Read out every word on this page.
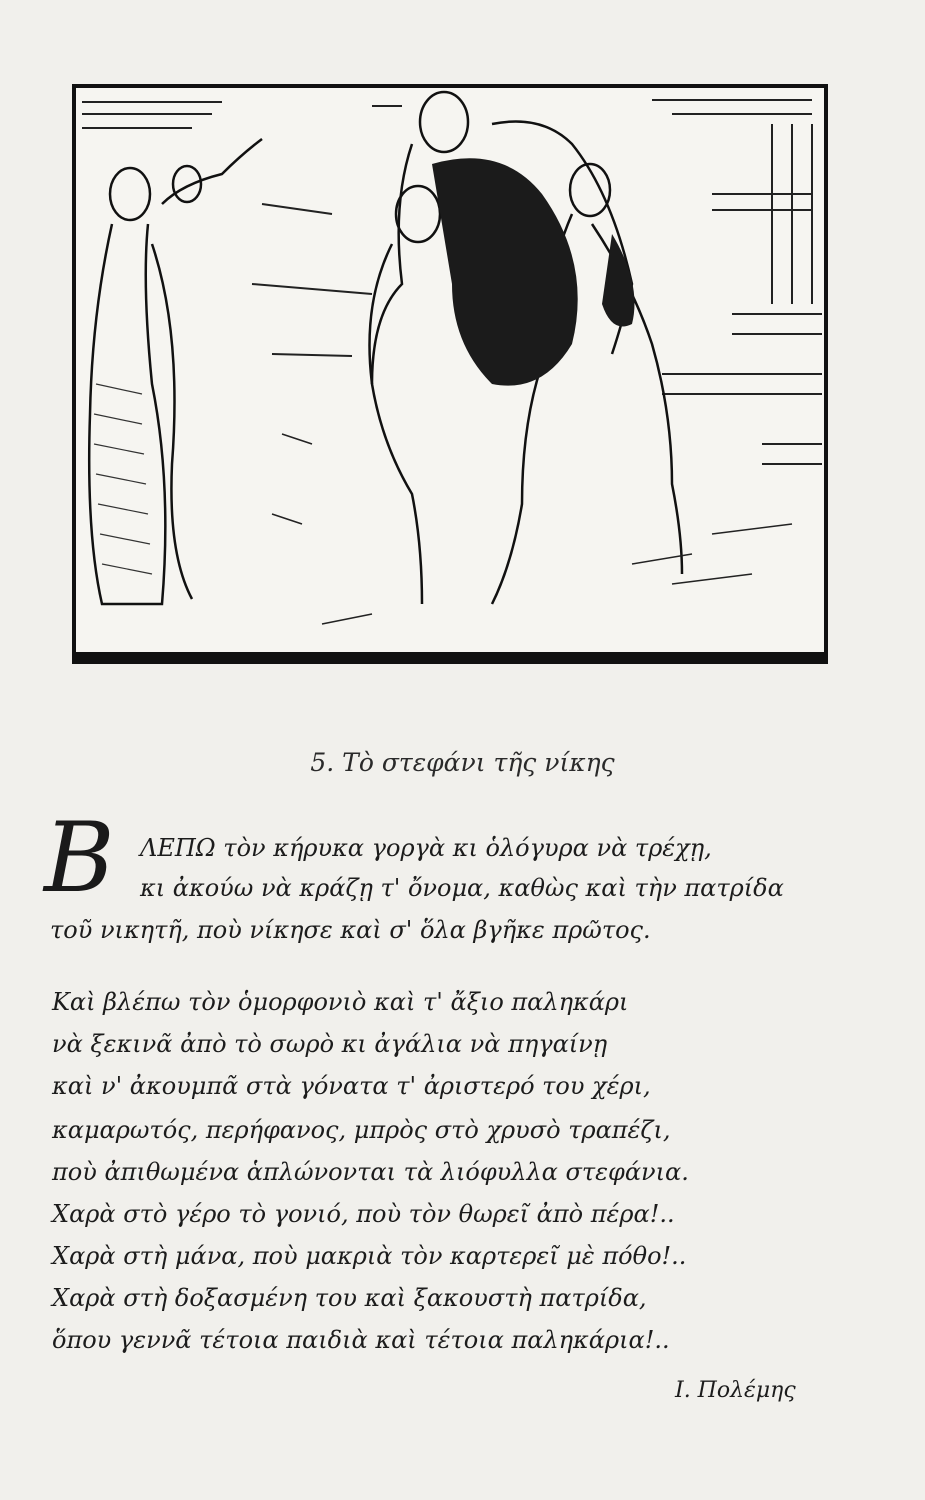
5. Τὸ στεφάνι τῆς νίκης
Β ΛΕΠΩ τὸν κήρυκα γοργὰ κι ὁλόγυρα νὰ τρέχῃ,
κι ἀκούω νὰ κράζῃ τ' ὄνομα, καθὼς καὶ τὴν πατρίδα
τοῦ νικητῆ, ποὺ νίκησε καὶ σ' ὅλα βγῆκε πρῶτος.
Καὶ βλέπω τὸν ὁμορφονιὸ καὶ τ' ἄξιο παληκάρι
νὰ ξεκινᾶ ἀπὸ τὸ σωρὸ κι ἀγάλια νὰ πηγαίνῃ
καὶ ν' ἀκουμπᾶ στὰ γόνατα τ' ἀριστερό του χέρι,
καμαρωτός, περήφανος, μπρὸς στὸ χρυσὸ τραπέζι,
ποὺ ἀπιθωμένα ἁπλώνονται τὰ λιόφυλλα στεφάνια.
Χαρὰ στὸ γέρο τὸ γονιό, ποὺ τὸν θωρεῖ ἀπὸ πέρα!..
Χαρὰ στὴ μάνα, ποὺ μακριὰ τὸν καρτερεῖ μὲ πόθο!..
Χαρὰ στὴ δοξασμένη του καὶ ξακουστὴ πατρίδα,
ὅπου γεννᾶ τέτοια παιδιὰ καὶ τέτοια παληκάρια!..
Ι. Πολέμης
